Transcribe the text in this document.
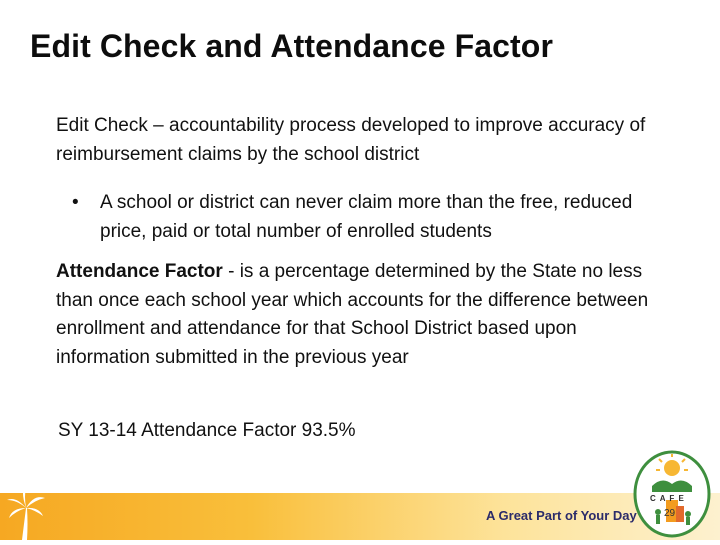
Edit Check and Attendance Factor

Edit Check – accountability process developed to improve accuracy of reimbursement claims by the school district

• A school or district can never claim more than the free, reduced price, paid or total number of enrolled students

Attendance Factor - is a percentage determined by the State no less than once each school year which accounts for the difference between enrollment and attendance for that School District based upon information submitted in the previous year

SY 13-14 Attendance Factor 93.5%
A Great Part of Your Day
C A F E
29
